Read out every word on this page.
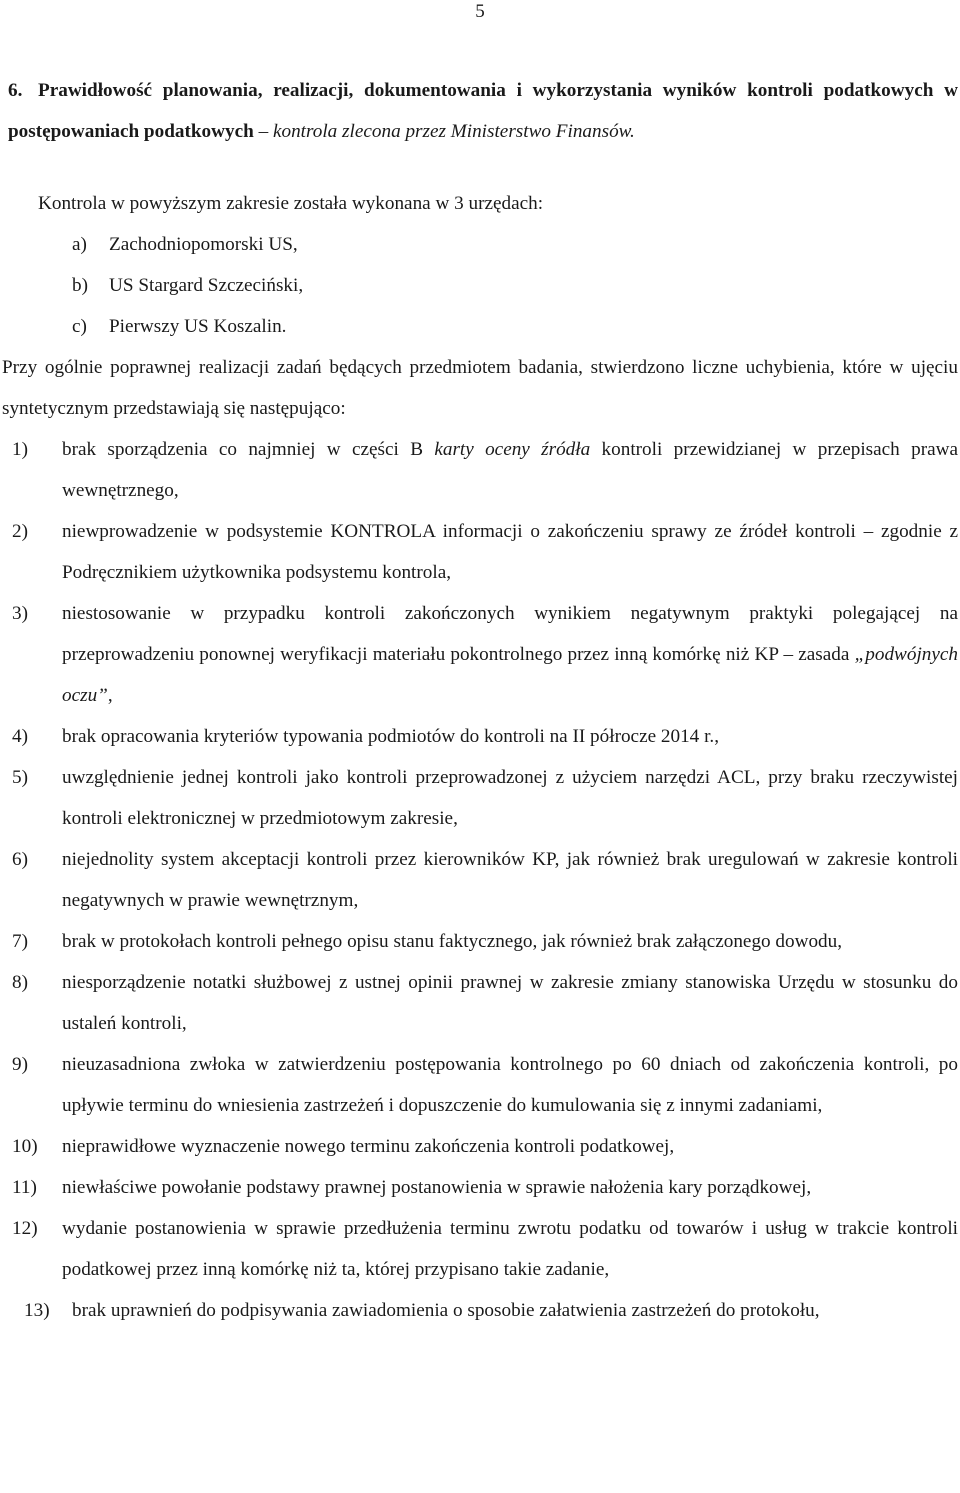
5
6. Prawidłowość planowania, realizacji, dokumentowania i wykorzystania wyników kontroli podatkowych w postępowaniach podatkowych – kontrola zlecona przez Ministerstwo Finansów.
Kontrola w powyższym zakresie została wykonana w 3 urzędach:
a)	Zachodniopomorski US,
b)	US Stargard Szczeciński,
c)	Pierwszy US Koszalin.
Przy ogólnie poprawnej realizacji zadań będących przedmiotem badania, stwierdzono liczne uchybienia, które w ujęciu syntetycznym przedstawiają się następująco:
1)	brak sporządzenia co najmniej w części B karty oceny źródła kontroli przewidzianej w przepisach prawa wewnętrznego,
2)	niewprowadzenie w podsystemie KONTROLA informacji o zakończeniu sprawy ze źródeł kontroli – zgodnie z Podręcznikiem użytkownika podsystemu kontrola,
3)	niestosowanie w przypadku kontroli zakończonych wynikiem negatywnym praktyki polegającej na przeprowadzeniu ponownej weryfikacji materiału pokontrolnego przez inną komórkę niż KP – zasada „podwójnych oczu”,
4)	brak opracowania kryteriów typowania podmiotów do kontroli na II półrocze 2014 r.,
5)	uwzględnienie jednej kontroli jako kontroli przeprowadzonej z użyciem narzędzi ACL, przy braku rzeczywistej kontroli elektronicznej w przedmiotowym zakresie,
6)	niejednolity system akceptacji kontroli przez kierowników KP, jak również brak uregulowań w zakresie kontroli negatywnych w prawie wewnętrznym,
7)	brak w protokołach kontroli pełnego opisu stanu faktycznego, jak również brak załączonego dowodu,
8)	niesporządzenie notatki służbowej z ustnej opinii prawnej w zakresie zmiany stanowiska Urzędu w stosunku do ustaleń kontroli,
9)	nieuzasadniona zwłoka w zatwierdzeniu postępowania kontrolnego po 60 dniach od zakończenia kontroli, po upływie terminu do wniesienia zastrzeżeń i dopuszczenie do kumulowania się z innymi zadaniami,
10)	nieprawidłowe wyznaczenie nowego terminu zakończenia kontroli podatkowej,
11)	niewłaściwe powołanie podstawy prawnej postanowienia w sprawie nałożenia kary porządkowej,
12)	wydanie postanowienia w sprawie przedłużenia terminu zwrotu podatku od towarów i usług w trakcie kontroli podatkowej przez inną komórkę niż ta, której przypisano takie zadanie,
13)	brak uprawnień do podpisywania zawiadomienia o sposobie załatwienia zastrzeżeń do protokołu,
